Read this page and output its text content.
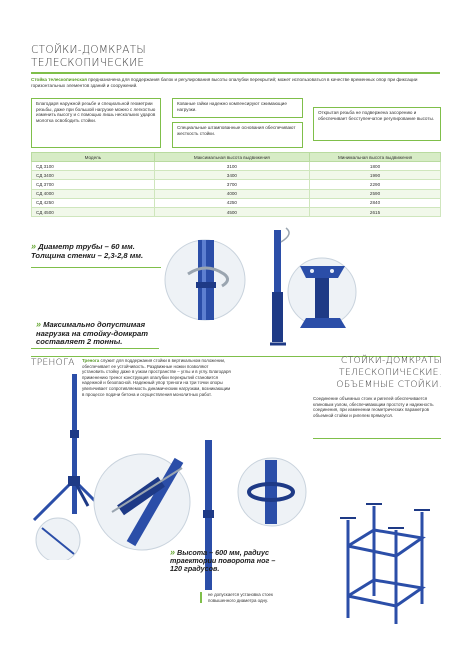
СТОЙКИ-ДОМКРАТЫ
ТЕЛЕСКОПИЧЕСКИЕ
Стойка телескопическая предназначена для поддержания балок и регулирования высоты опалубки перекрытий; может использоваться в качестве временных опор при фиксации горизонтальных элементов зданий и сооружений.
Благодаря наружной резьбе и специальной геометрии резьбы, даже при большой нагрузке можно с легкостью изменить высоту и с помощью лишь нескольких ударов молотка освободить стойки.
Кованые гайки надежно компенсируют сжимающие нагрузки.
Специальные штампованные основания обеспечивают жесткость стойки.
Открытая резьба не подвержена засорению и обеспечивает бесступенчатое регулирование высоты.
Модель	Максимальная высота выдвижения	Минимальная высота выдвижения
СД 3100	3100	1800
СД 3400	3400	1990
СД 3700	3700	2290
СД 4000	4000	2590
СД 4250	4250	2840
СД 4500	4500	2615
» Диаметр трубы – 60 мм.
Толщина стенки – 2,3-2,8 мм.
» Максимально допустимая
нагрузка на стойку-домкрат
составляет 2 тонны.
ТРЕНОГА Тренога служит для поддержания стойки в вертикальном положении, обеспечивает ее устойчивость. Раздвижные ножки позволяют установить стойку даже в узком пространстве – углы и в углу. Благодаря применению треног конструкция опалубки перекрытий становится надежной и безопасной. Надежный упор треноги на три точки опоры увеличивает сопротивляемость динамическим нагрузкам, возникающим в процессе подачи бетона и осуществления монолитных работ.
СТОЙКИ-ДОМКРАТЫ
ТЕЛЕСКОПИЧЕСКИЕ.
ОБЪЕМНЫЕ СТОЙКИ.
Соединение объемных стоек и ригелей обеспечивается клиновым узлом, обеспечивающим простоту и надежность соединения, при изменении геометрических параметров объемной стойки и ригелем прямоугол.
» Высота – 600 мм, радиус
траектории поворота ног –
120 градусов.
не допускается установка стоек
повышенного диаметра одну.
